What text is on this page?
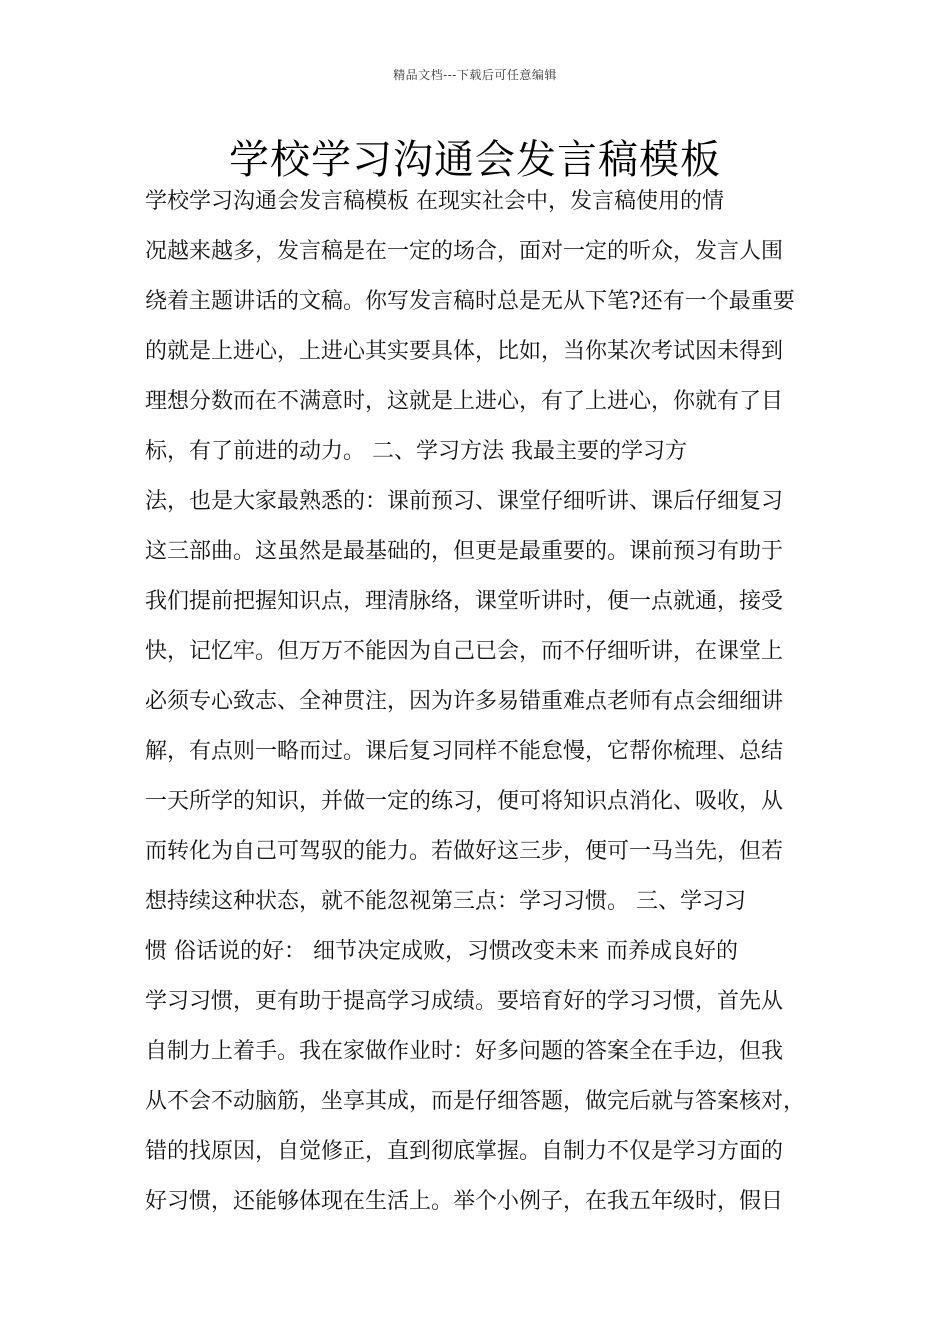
精品文档---下载后可任意编辑
学校学习沟通会发言稿模板
学校学习沟通会发言稿模板 在现实社会中，发言稿使用的情
况越来越多，发言稿是在一定的场合，面对一定的听众，发言人围
绕着主题讲话的文稿。你写发言稿时总是无从下笔?还有一个最重要
的就是上进心，上进心其实要具体，比如，当你某次考试因未得到
理想分数而在不满意时，这就是上进心，有了上进心，你就有了目
标，有了前进的动力。 二、学习方法 我最主要的学习方
法，也是大家最熟悉的：课前预习、课堂仔细听讲、课后仔细复习
这三部曲。这虽然是最基础的，但更是最重要的。课前预习有助于
我们提前把握知识点，理清脉络，课堂听讲时，便一点就通，接受
快，记忆牢。但万万不能因为自己已会，而不仔细听讲，在课堂上
必须专心致志、全神贯注，因为许多易错重难点老师有点会细细讲
解，有点则一略而过。课后复习同样不能怠慢，它帮你梳理、总结
一天所学的知识，并做一定的练习，便可将知识点消化、吸收，从
而转化为自己可驾驭的能力。若做好这三步，便可一马当先，但若
想持续这种状态，就不能忽视第三点：学习习惯。 三、学习习
惯 俗话说的好： 细节决定成败，习惯改变未来 而养成良好的
学习习惯，更有助于提高学习成绩。要培育好的学习习惯，首先从
自制力上着手。我在家做作业时：好多问题的答案全在手边，但我
从不会不动脑筋，坐享其成，而是仔细答题，做完后就与答案核对，
错的找原因，自觉修正，直到彻底掌握。自制力不仅是学习方面的
好习惯，还能够体现在生活上。举个小例子，在我五年级时，假日
